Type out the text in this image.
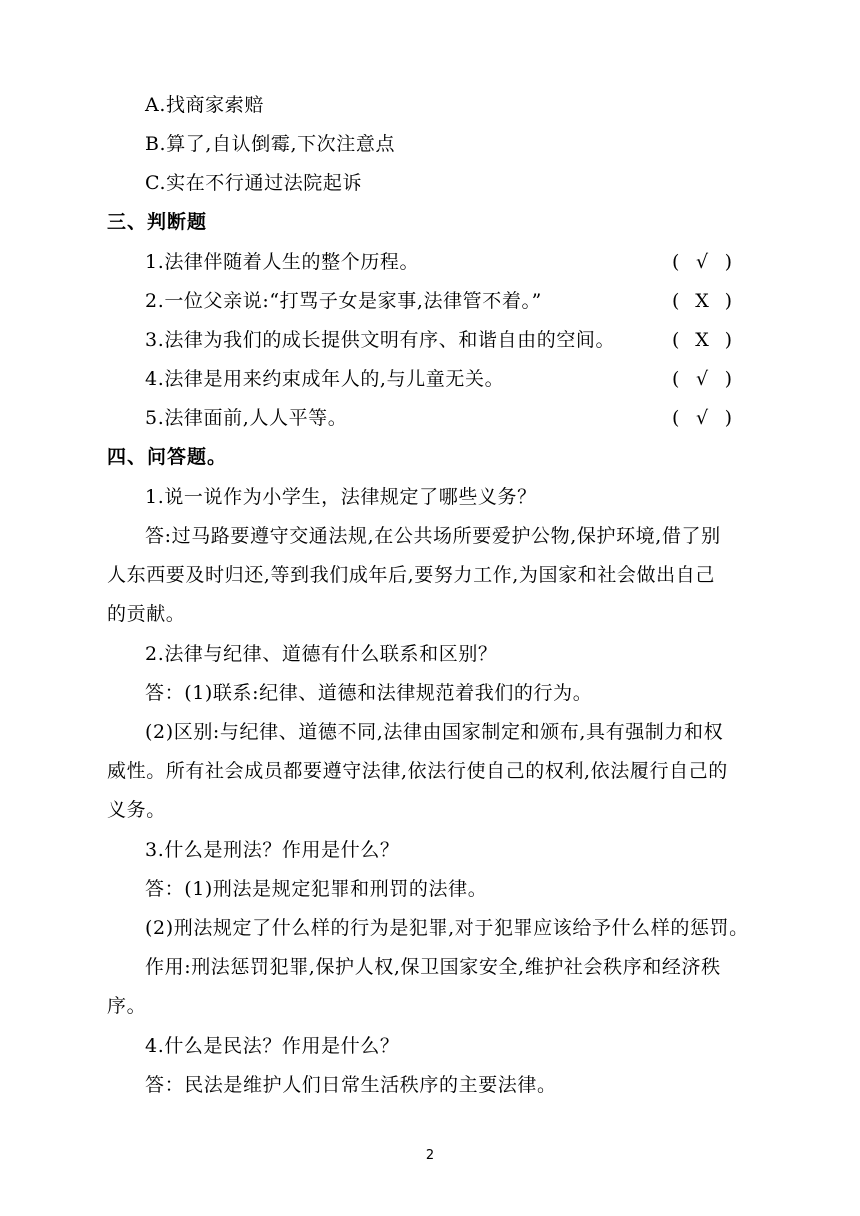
A.找商家索赔
B.算了,自认倒霉,下次注意点
C.实在不行通过法院起诉
三、判断题
1.法律伴随着人生的整个历程。	( √ )
2.一位父亲说:“打骂子女是家事,法律管不着。”	( X )
3.法律为我们的成长提供文明有序、和谐自由的空间。	( X )
4.法律是用来约束成年人的,与儿童无关。	( √ )
5.法律面前,人人平等。	( √ )
四、问答题。
1.说一说作为小学生，法律规定了哪些义务？
答:过马路要遵守交通法规,在公共场所要爱护公物,保护环境,借了别
人东西要及时归还,等到我们成年后,要努力工作,为国家和社会做出自己
的贡献。
2.法律与纪律、道德有什么联系和区别？
答：(1)联系:纪律、道德和法律规范着我们的行为。
(2)区别:与纪律、道德不同,法律由国家制定和颁布,具有强制力和权
威性。所有社会成员都要遵守法律,依法行使自己的权利,依法履行自己的
义务。
3.什么是刑法？作用是什么？
答：(1)刑法是规定犯罪和刑罚的法律。
(2)刑法规定了什么样的行为是犯罪,对于犯罪应该给予什么样的惩罚。
作用:刑法惩罚犯罪,保护人权,保卫国家安全,维护社会秩序和经济秩
序。
4.什么是民法？作用是什么？
答：民法是维护人们日常生活秩序的主要法律。
2
